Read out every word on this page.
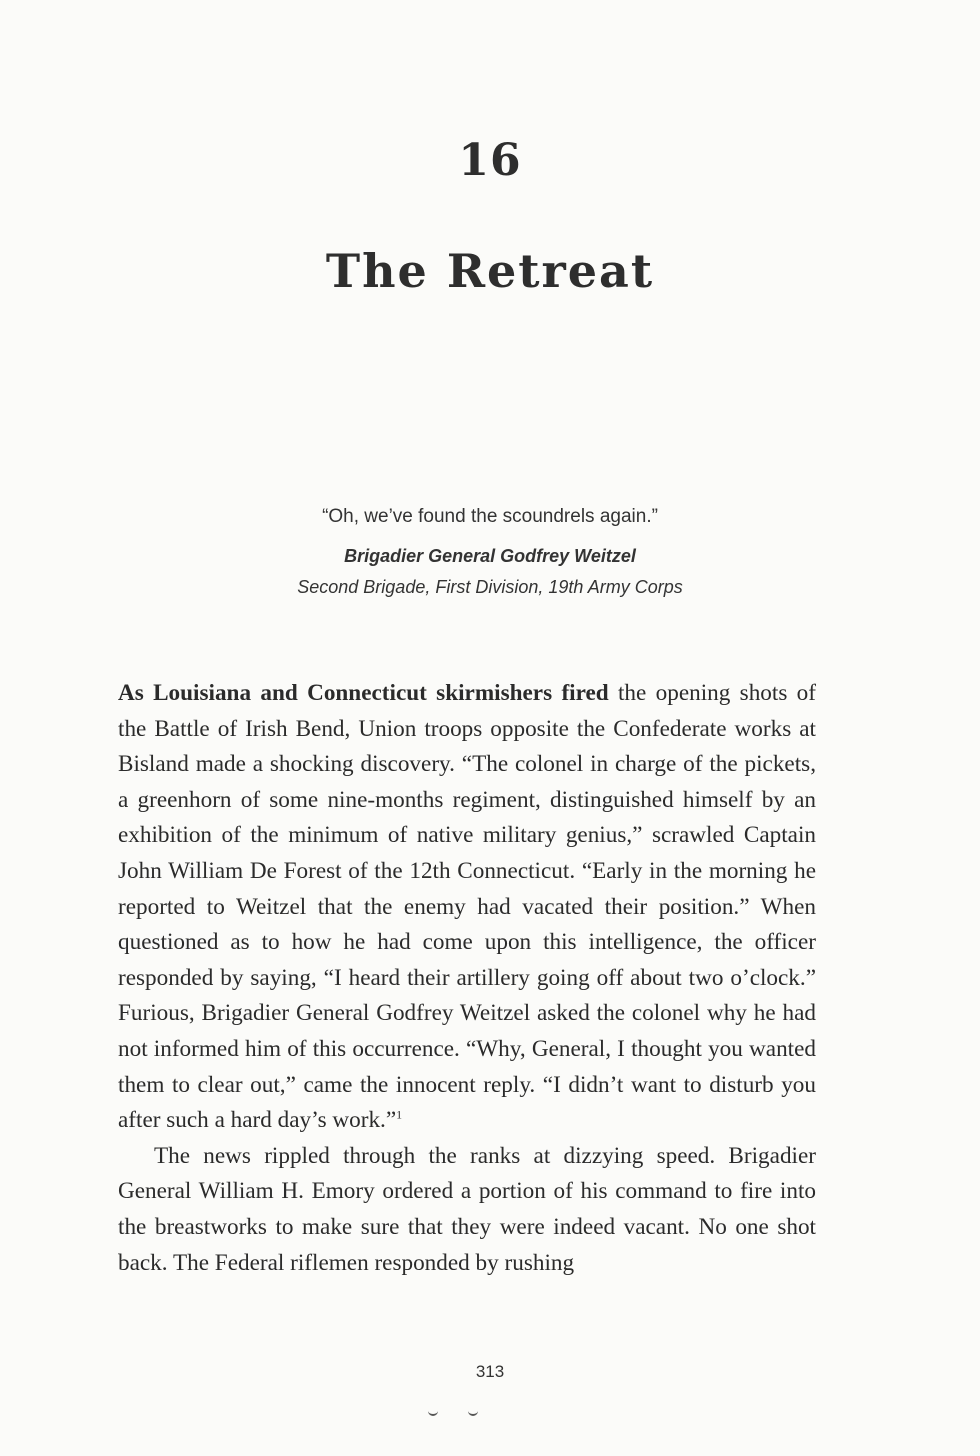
16
The Retreat
“Oh, we’ve found the scoundrels again.”
Brigadier General Godfrey Weitzel
Second Brigade, First Division, 19th Army Corps

As Louisiana and Connecticut skirmishers fired the opening shots of the Battle of Irish Bend, Union troops opposite the Confederate works at Bisland made a shocking discovery. “The colonel in charge of the pickets, a greenhorn of some nine-months regiment, distinguished himself by an exhibition of the minimum of native military genius,” scrawled Captain John William De Forest of the 12th Connecticut. “Early in the morning he reported to Weitzel that the enemy had vacated their position.” When questioned as to how he had come upon this intelligence, the officer responded by saying, “I heard their artillery going off about two o’clock.” Furious, Brigadier General Godfrey Weitzel asked the colonel why he had not informed him of this occurrence. “Why, General, I thought you wanted them to clear out,” came the innocent reply. “I didn’t want to disturb you after such a hard day’s work.”$^1$

The news rippled through the ranks at dizzying speed. Brigadier General William H. Emory ordered a portion of his command to fire into the breastworks to make sure that they were indeed vacant. No one shot back. The Federal riflemen responded by rushing

313
